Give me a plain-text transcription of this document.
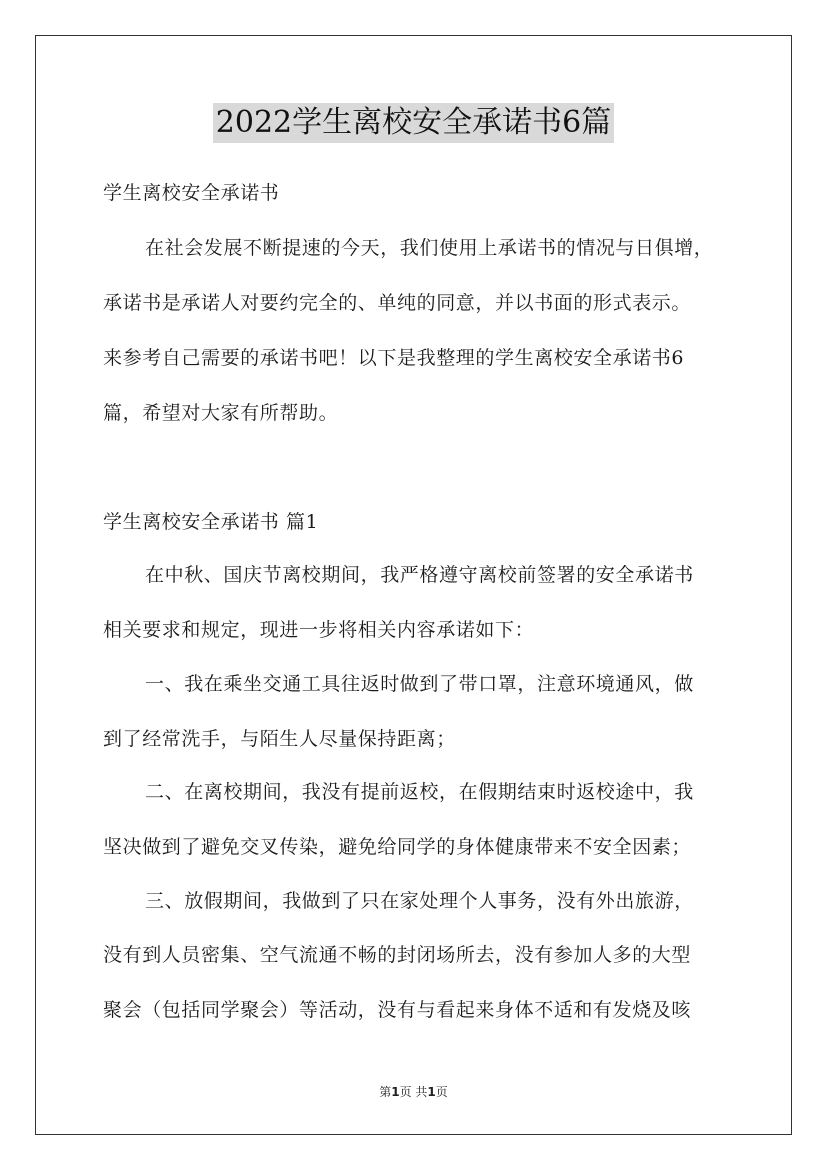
2022学生离校安全承诺书6篇
学生离校安全承诺书
在社会发展不断提速的今天，我们使用上承诺书的情况与日俱增，
承诺书是承诺人对要约完全的、单纯的同意，并以书面的形式表示。
来参考自己需要的承诺书吧！以下是我整理的学生离校安全承诺书6
篇，希望对大家有所帮助。
学生离校安全承诺书 篇1
在中秋、国庆节离校期间，我严格遵守离校前签署的安全承诺书
相关要求和规定，现进一步将相关内容承诺如下：
一、我在乘坐交通工具往返时做到了带口罩，注意环境通风，做
到了经常洗手，与陌生人尽量保持距离；
二、在离校期间，我没有提前返校，在假期结束时返校途中，我
坚决做到了避免交叉传染，避免给同学的身体健康带来不安全因素；
三、放假期间，我做到了只在家处理个人事务，没有外出旅游，
没有到人员密集、空气流通不畅的封闭场所去，没有参加人多的大型
聚会（包括同学聚会）等活动，没有与看起来身体不适和有发烧及咳
第1页 共1页
